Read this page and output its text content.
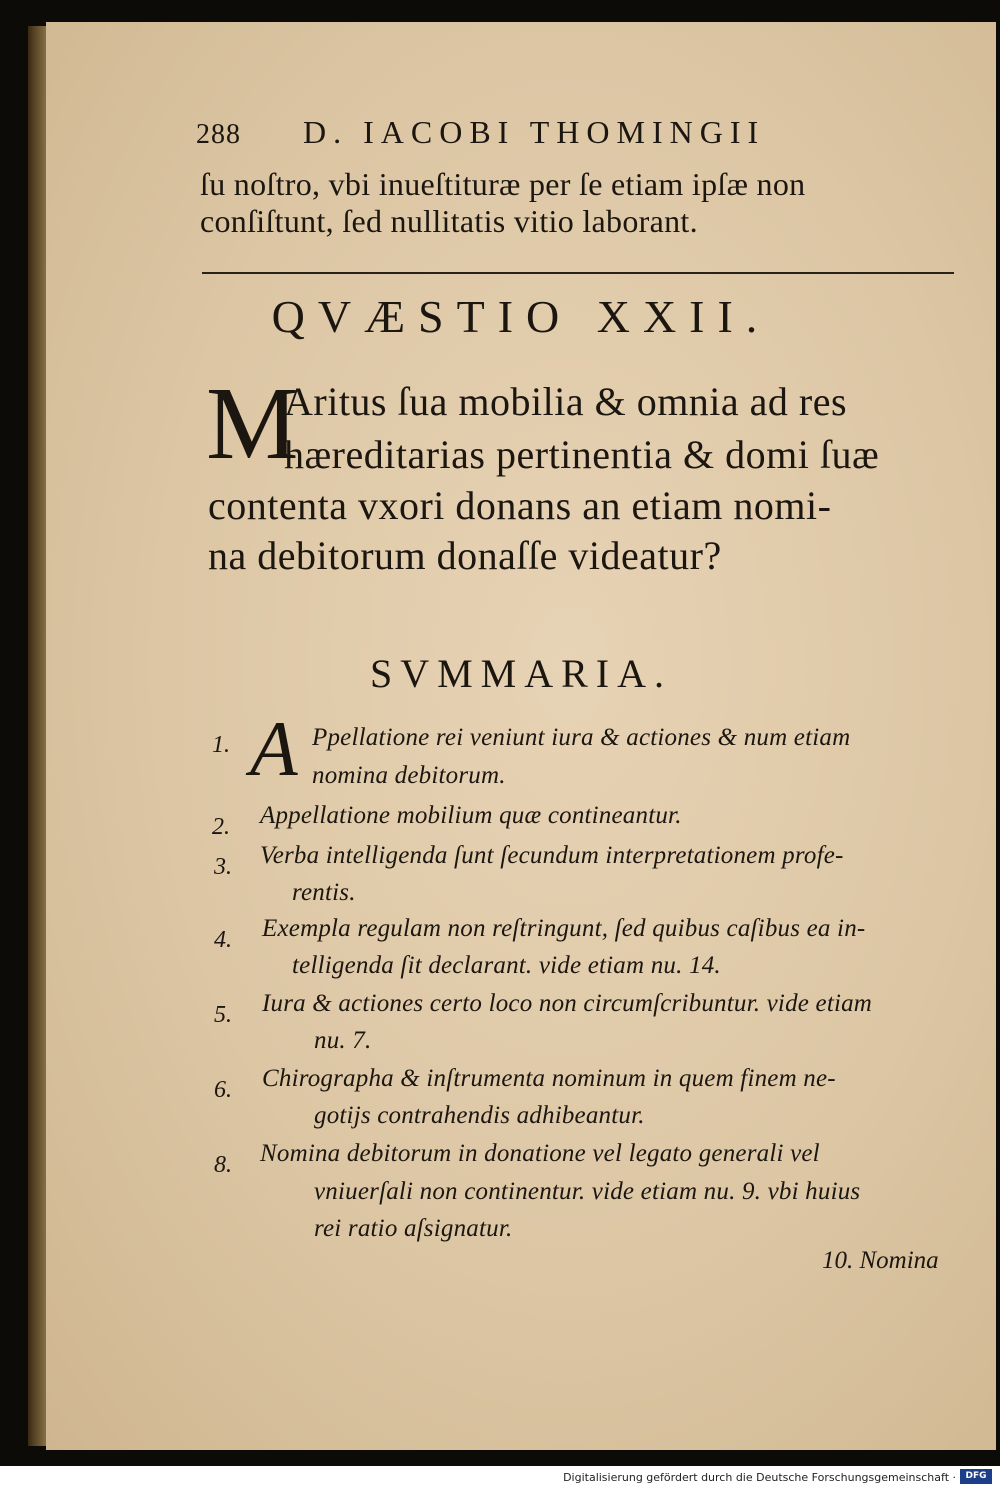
288 D. IACOBI THOMINGII
ſu noſtro, vbi inueſtituræ per ſe etiam ipſæ non
conſiſtunt, ſed nullitatis vitio laborant.
QVÆSTIO XXII.
M
Aritus ſua mobilia & omnia ad res
hæreditarias pertinentia & domi ſuæ
contenta vxori donans an etiam nomi-
na debitorum donaſſe videatur?
SVMMARIA.
A
1.	Ppellatione rei veniunt iura & actiones & num etiam
nomina debitorum.
2. Appellatione mobilium quæ contineantur.
3. Verba intelligenda ſunt ſecundum interpretationem profe-
rentis.
4. Exempla regulam non reſtringunt, ſed quibus caſibus ea in-
telligenda ſit declarant. vide etiam nu. 14.
5. Iura & actiones certo loco non circumſcribuntur. vide etiam
nu. 7.
6. Chirographa & inſtrumenta nominum in quem finem ne-
gotijs contrahendis adhibeantur.
8. Nomina debitorum in donatione vel legato generali vel
vniuerſali non continentur. vide etiam nu. 9. vbi huius
rei ratio aſsignatur.
10. Nomina
Digitalisierung gefördert durch die Deutsche Forschungsgemeinschaft ·	DFG
